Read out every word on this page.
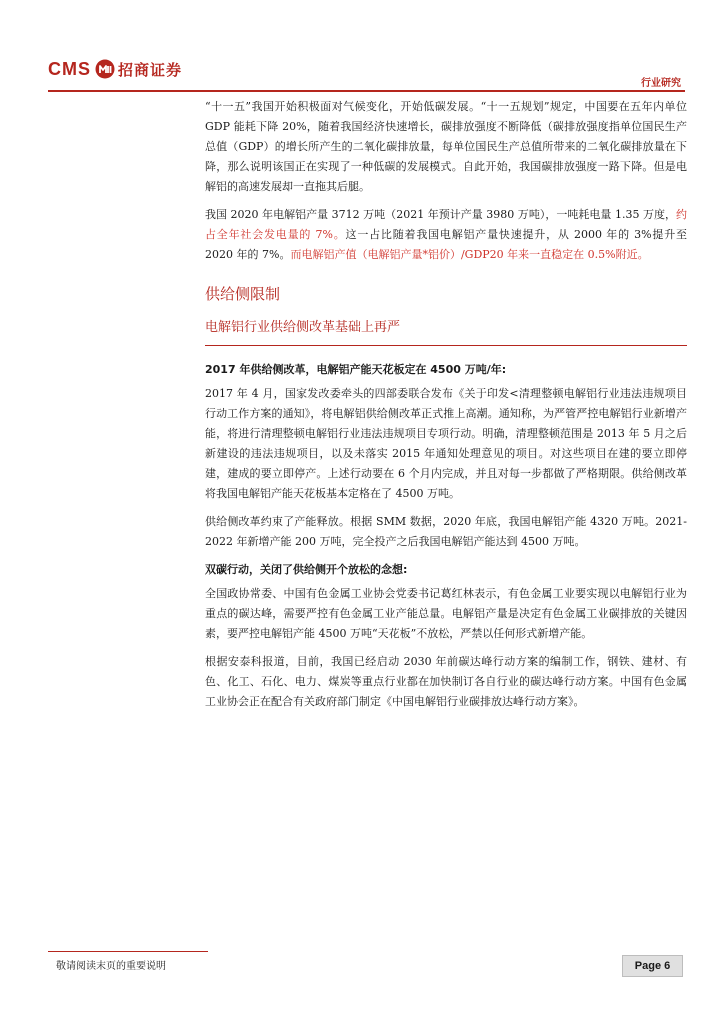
CMS 招商证券
行业研究

“十一五”我国开始积极面对气候变化，开始低碳发展。“十一五规划”规定，中国要在五年内单位 GDP 能耗下降 20%，随着我国经济快速增长，碳排放强度不断降低（碳排放强度指单位国民生产总值（GDP）的增长所产生的二氧化碳排放量，每单位国民生产总值所带来的二氧化碳排放量在下降，那么说明该国正在实现了一种低碳的发展模式。自此开始，我国碳排放强度一路下降。但是电解铝的高速发展却一直拖其后腿。

我国 2020 年电解铝产量 3712 万吨（2021 年预计产量 3980 万吨），一吨耗电量 1.35 万度，约占全年社会发电量的 7%。这一占比随着我国电解铝产量快速提升，从 2000 年的 3%提升至 2020 年的 7%。而电解铝产值（电解铝产量*铝价）/GDP20 年来一直稳定在 0.5%附近。

供给侧限制
电解铝行业供给侧改革基础上再严
2017 年供给侧改革，电解铝产能天花板定在 4500 万吨/年:

2017 年 4 月，国家发改委牵头的四部委联合发布《关于印发<清理整顿电解铝行业违法违规项目行动工作方案的通知》，将电解铝供给侧改革正式推上高潮。通知称，为严管严控电解铝行业新增产能，将进行清理整顿电解铝行业违法违规项目专项行动。明确，清理整顿范围是 2013 年 5 月之后新建设的违法违规项目，以及未落实 2015 年通知处理意见的项目。对这些项目在建的要立即停建，建成的要立即停产。上述行动要在 6 个月内完成，并且对每一步都做了严格期限。供给侧改革将我国电解铝产能天花板基本定格在了 4500 万吨。

供给侧改革约束了产能释放。根据 SMM 数据，2020 年底，我国电解铝产能 4320 万吨。2021-2022 年新增产能 200 万吨，完全投产之后我国电解铝产能达到 4500 万吨。

双碳行动，关闭了供给侧开个放松的念想:

全国政协常委、中国有色金属工业协会党委书记葛红林表示，有色金属工业要实现以电解铝行业为重点的碳达峰，需要严控有色金属工业产能总量。电解铝产量是决定有色金属工业碳排放的关键因素，要严控电解铝产能 4500 万吨“天花板”不放松，严禁以任何形式新增产能。

根据安泰科报道，目前，我国已经启动 2030 年前碳达峰行动方案的编制工作，钢铁、建材、有色、化工、石化、电力、煤炭等重点行业都在加快制订各自行业的碳达峰行动方案。中国有色金属工业协会正在配合有关政府部门制定《中国电解铝行业碳排放达峰行动方案》。

敬请阅读末页的重要说明	Page 6
